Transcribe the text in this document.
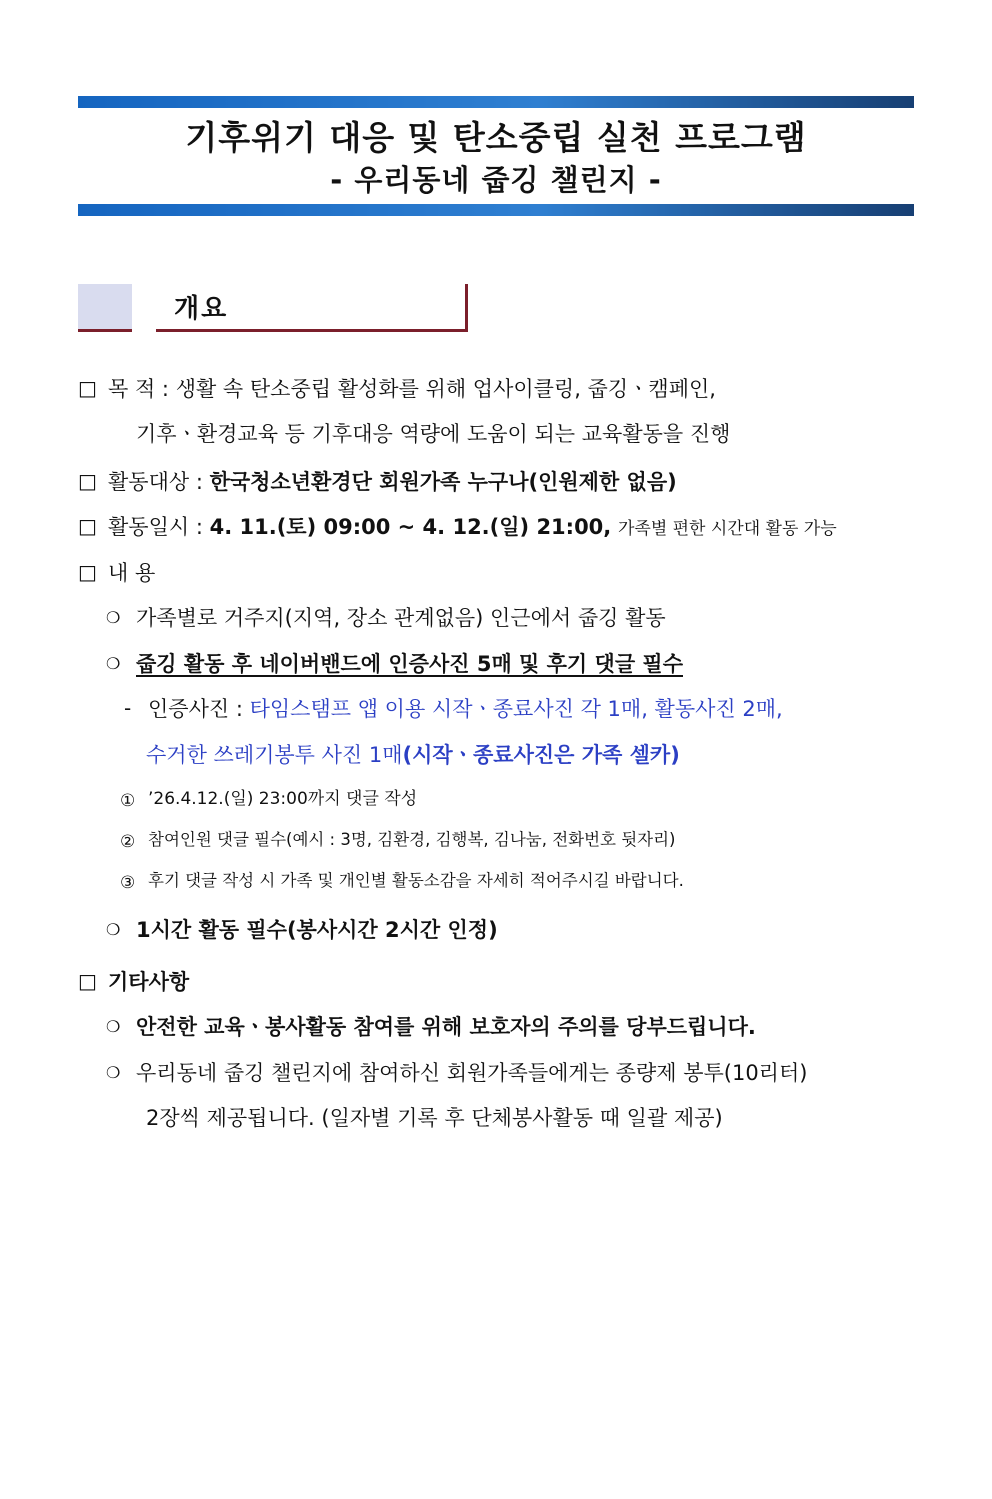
기후위기 대응 및 탄소중립 실천 프로그램
- 우리동네 줍깅 챌린지 -
개요
□ 목 적 : 생활 속 탄소중립 활성화를 위해 업사이클링, 줍깅ㆍ캠페인,
기후ㆍ환경교육 등 기후대응 역량에 도움이 되는 교육활동을 진행
□ 활동대상 : 한국청소년환경단 회원가족 누구나(인원제한 없음)
□ 활동일시 : 4. 11.(토) 09:00 ~ 4. 12.(일) 21:00, 가족별 편한 시간대 활동 가능
□ 내 용
❍ 가족별로 거주지(지역, 장소 관계없음) 인근에서 줍깅 활동
❍ 줍깅 활동 후 네이버밴드에 인증사진 5매 및 후기 댓글 필수
- 인증사진 : 타임스탬프 앱 이용 시작ㆍ종료사진 각 1매, 활동사진 2매,
수거한 쓰레기봉투 사진 1매(시작ㆍ종료사진은 가족 셀카)
① ’26.4.12.(일) 23:00까지 댓글 작성
② 참여인원 댓글 필수(예시 : 3명, 김환경, 김행복, 김나눔, 전화번호 뒷자리)
③ 후기 댓글 작성 시 가족 및 개인별 활동소감을 자세히 적어주시길 바랍니다.
❍ 1시간 활동 필수(봉사시간 2시간 인정)
□ 기타사항
❍ 안전한 교육ㆍ봉사활동 참여를 위해 보호자의 주의를 당부드립니다.
❍ 우리동네 줍깅 챌린지에 참여하신 회원가족들에게는 종량제 봉투(10리터)
2장씩 제공됩니다. (일자별 기록 후 단체봉사활동 때 일괄 제공)
